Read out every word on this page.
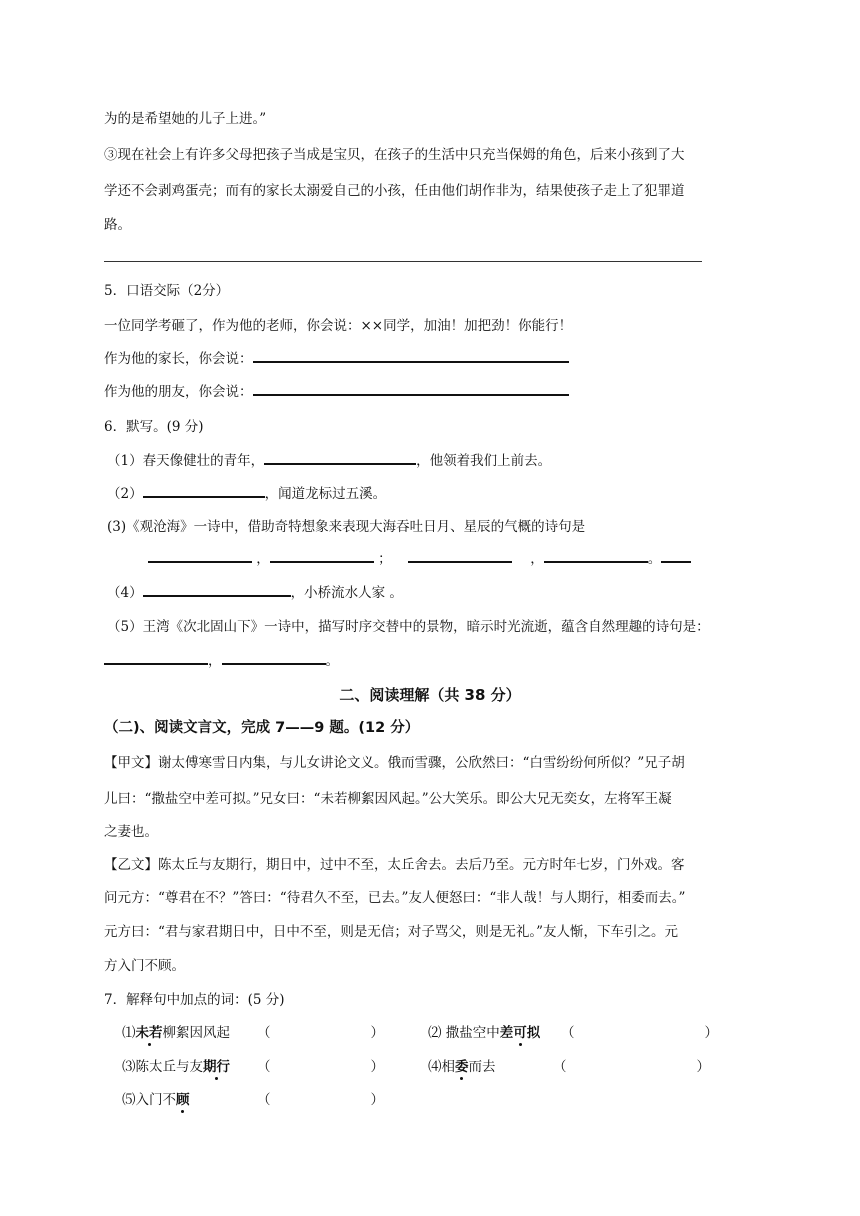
为的是希望她的儿子上进。”
③现在社会上有许多父母把孩子当成是宝贝，在孩子的生活中只充当保姆的角色，后来小孩到了大
学还不会剥鸡蛋壳；而有的家长太溺爱自己的小孩，任由他们胡作非为，结果使孩子走上了犯罪道
路。
5．口语交际（2分）
一位同学考砸了，作为他的老师，你会说：××同学，加油！加把劲！你能行！
作为他的家长，你会说：
作为他的朋友，你会说：
6．默写。(9 分)
（1）春天像健壮的青年，	，他领着我们上前去。
（2）	，闻道龙标过五溪。
(3)《观沧海》一诗中，借助奇特想象来表现大海吞吐日月、星辰的气概的诗句是
，	；	，	。
（4）	，小桥流水人家 。
（5）王湾《次北固山下》一诗中，描写时序交替中的景物，暗示时光流逝，蕴含自然理趣的诗句是：
，	。
二、阅读理解（共 38 分）
（二)、阅读文言文，完成 7——9 题。(12 分）
【甲文】谢太傅寒雪日内集，与儿女讲论文义。俄而雪骤，公欣然曰：“白雪纷纷何所似？”兄子胡
儿曰：“撒盐空中差可拟。”兄女曰：“未若柳絮因风起。”公大笑乐。即公大兄无奕女，左将军王凝
之妻也。
【乙文】陈太丘与友期行，期日中，过中不至，太丘舍去。去后乃至。元方时年七岁，门外戏。客
问元方：“尊君在不？”答曰：“待君久不至，已去。”友人便怒曰：“非人哉！与人期行，相委而去。”
元方曰：“君与家君期日中，日中不至，则是无信；对子骂父，则是无礼。”友人惭，下车引之。元
方入门不顾。
7．解释句中加点的词：(5 分)
⑴未若柳絮因风起 （	）	⑵ 撒盐空中差可拟 （	）
⑶陈太丘与友期行 （	）	⑷相委而去	（	）
⑸入门不顾	（	）
